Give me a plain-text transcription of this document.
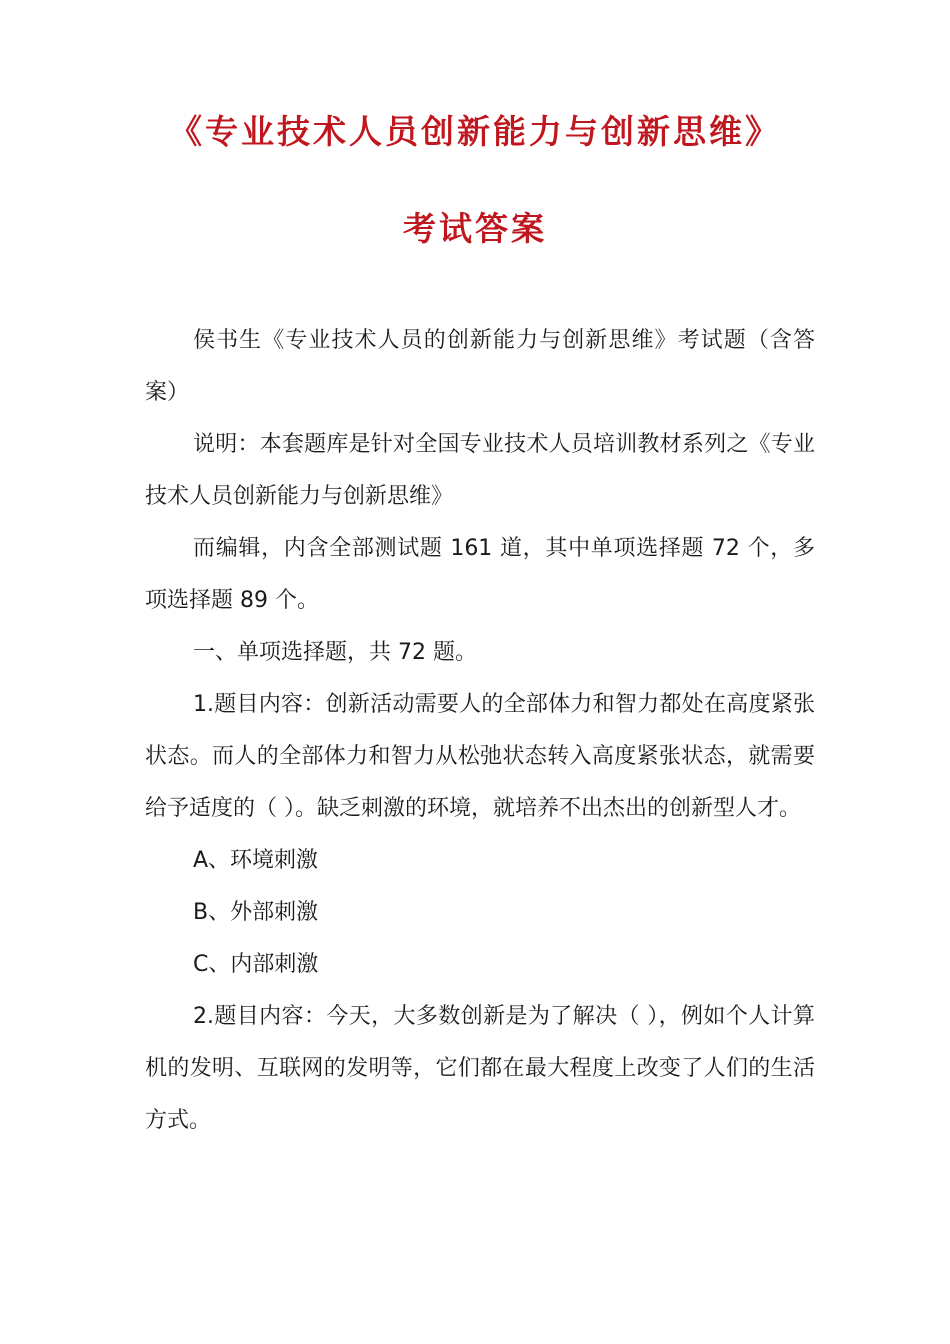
《专业技术人员创新能力与创新思维》
考试答案

侯书生《专业技术人员的创新能力与创新思维》考试题（含答案）

说明：本套题库是针对全国专业技术人员培训教材系列之《专业技术人员创新能力与创新思维》

而编辑，内含全部测试题 161 道，其中单项选择题 72 个，多项选择题 89 个。

一、单项选择题，共 72 题。

1.题目内容：创新活动需要人的全部体力和智力都处在高度紧张状态。而人的全部体力和智力从松弛状态转入高度紧张状态，就需要给予适度的（ ）。缺乏刺激的环境，就培养不出杰出的创新型人才。

A、环境刺激

B、外部刺激

C、内部刺激

2.题目内容：今天，大多数创新是为了解决（ ），例如个人计算机的发明、互联网的发明等，它们都在最大程度上改变了人们的生活方式。
